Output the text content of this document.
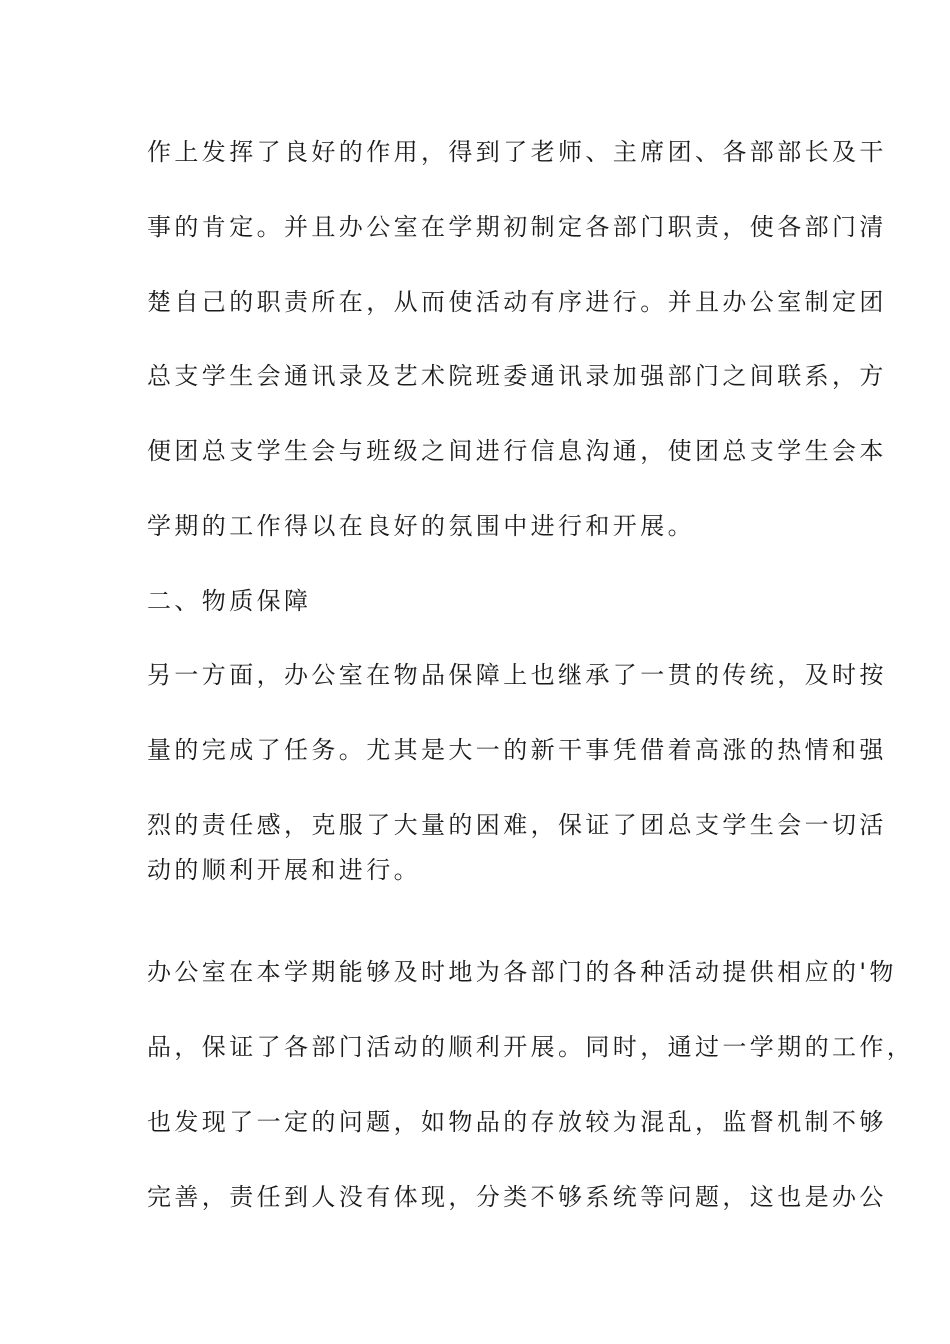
作上发挥了良好的作用，得到了老师、主席团、各部部长及干
事的肯定。并且办公室在学期初制定各部门职责，使各部门清
楚自己的职责所在，从而使活动有序进行。并且办公室制定团
总支学生会通讯录及艺术院班委通讯录加强部门之间联系，方
便团总支学生会与班级之间进行信息沟通，使团总支学生会本
学期的工作得以在良好的氛围中进行和开展。
二、物质保障
另一方面，办公室在物品保障上也继承了一贯的传统，及时按
量的完成了任务。尤其是大一的新干事凭借着高涨的热情和强
烈的责任感，克服了大量的困难，保证了团总支学生会一切活
动的顺利开展和进行。
办公室在本学期能够及时地为各部门的各种活动提供相应的'物
品，保证了各部门活动的顺利开展。同时，通过一学期的工作，
也发现了一定的问题，如物品的存放较为混乱，监督机制不够
完善，责任到人没有体现，分类不够系统等问题，这也是办公
